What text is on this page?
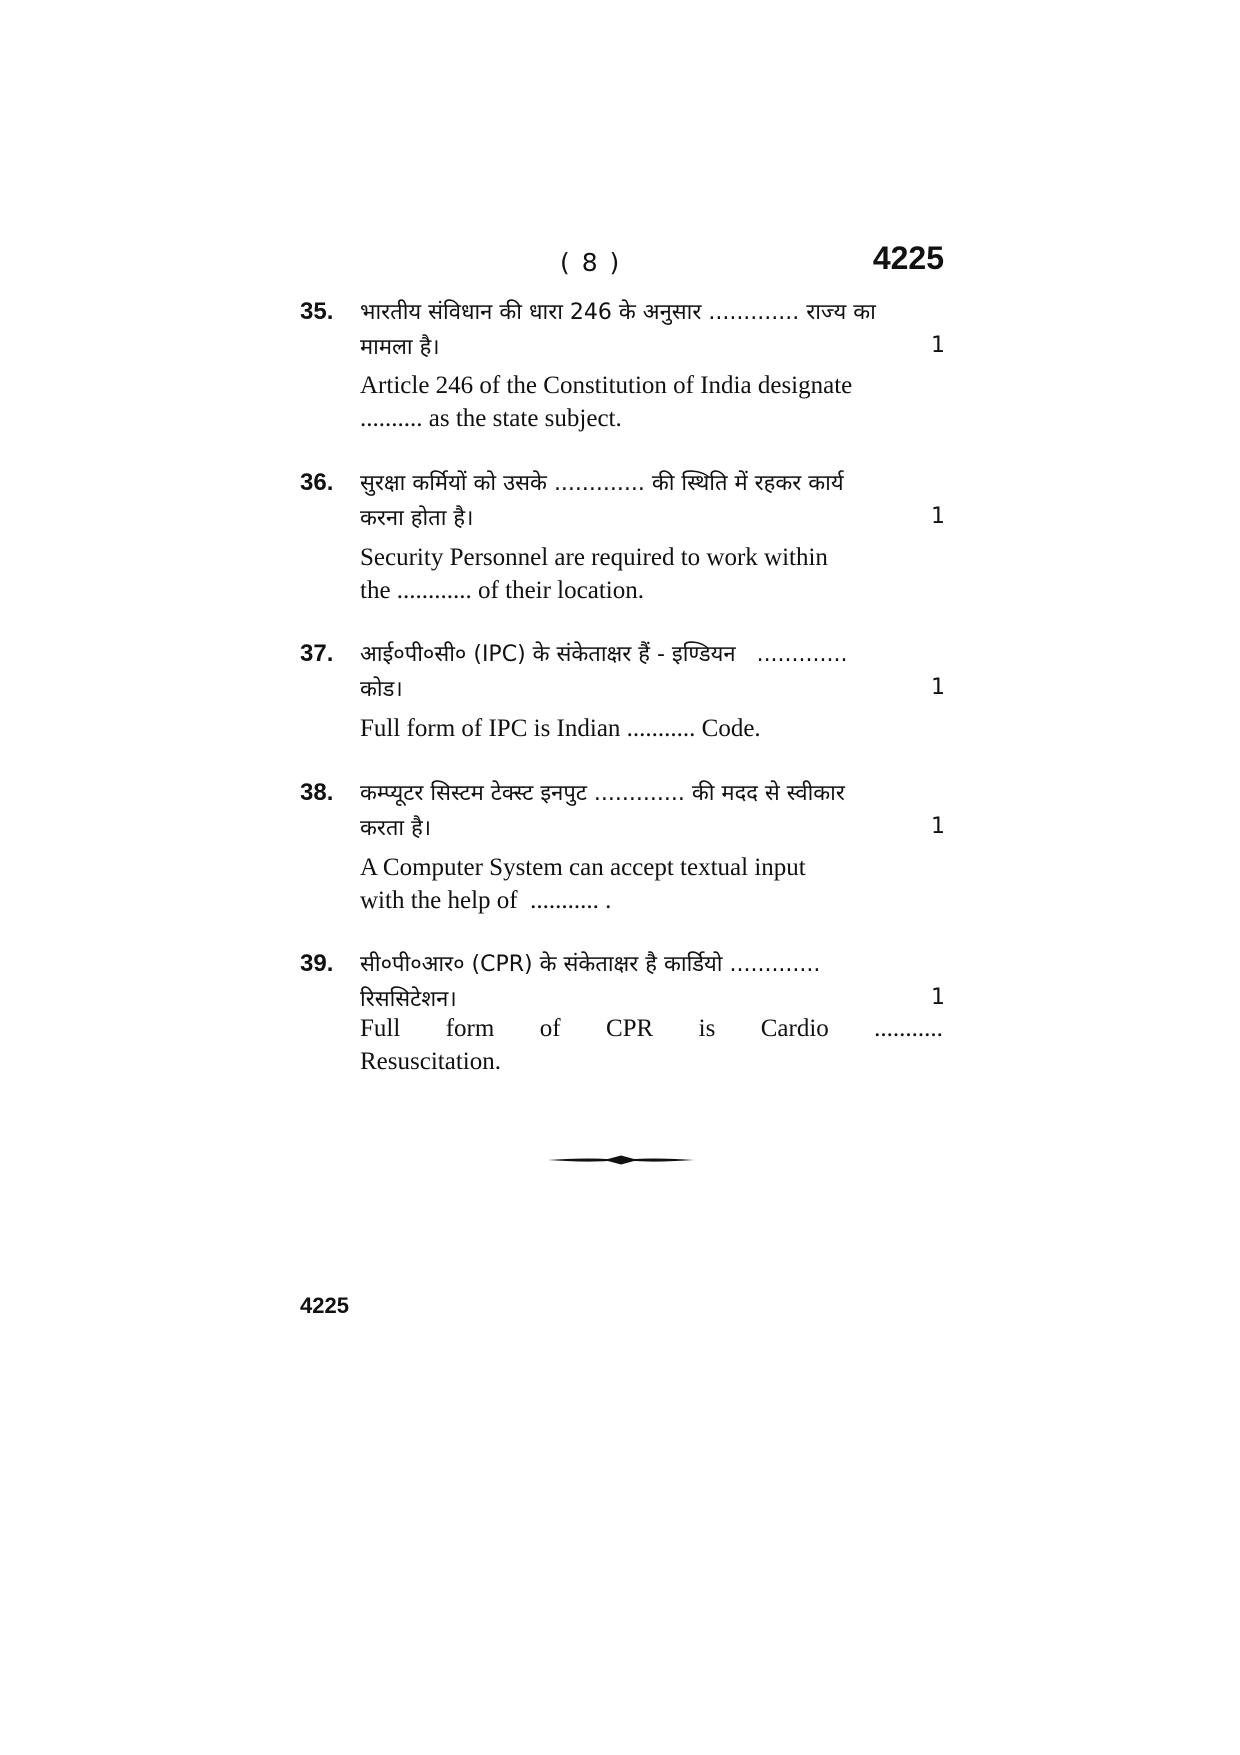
( 8 )	4225
35. भारतीय संविधान की धारा 246 के अनुसार ............. राज्य का
मामला है।	1
Article 246 of the Constitution of India designate
.......... as the state subject.
36. सुरक्षा कर्मियों को उसके ............. की स्थिति में रहकर कार्य
करना होता है।	1
Security Personnel are required to work within
the ............ of their location.
37. आई०पी०सी० (IPC) के संकेताक्षर हैं - इण्डियन   .............
कोड।	1
Full form of IPC is Indian ........... Code.
38. कम्प्यूटर सिस्टम टेक्स्ट इनपुट ............. की मदद से स्वीकार
करता है।	1
A Computer System can accept textual input
with the help of  ........... .
39. सी०पी०आर० (CPR) के संकेताक्षर है कार्डियो .............
रिससिटेशन।	1
Full form of CPR is Cardio ...........
Resuscitation.
4225
